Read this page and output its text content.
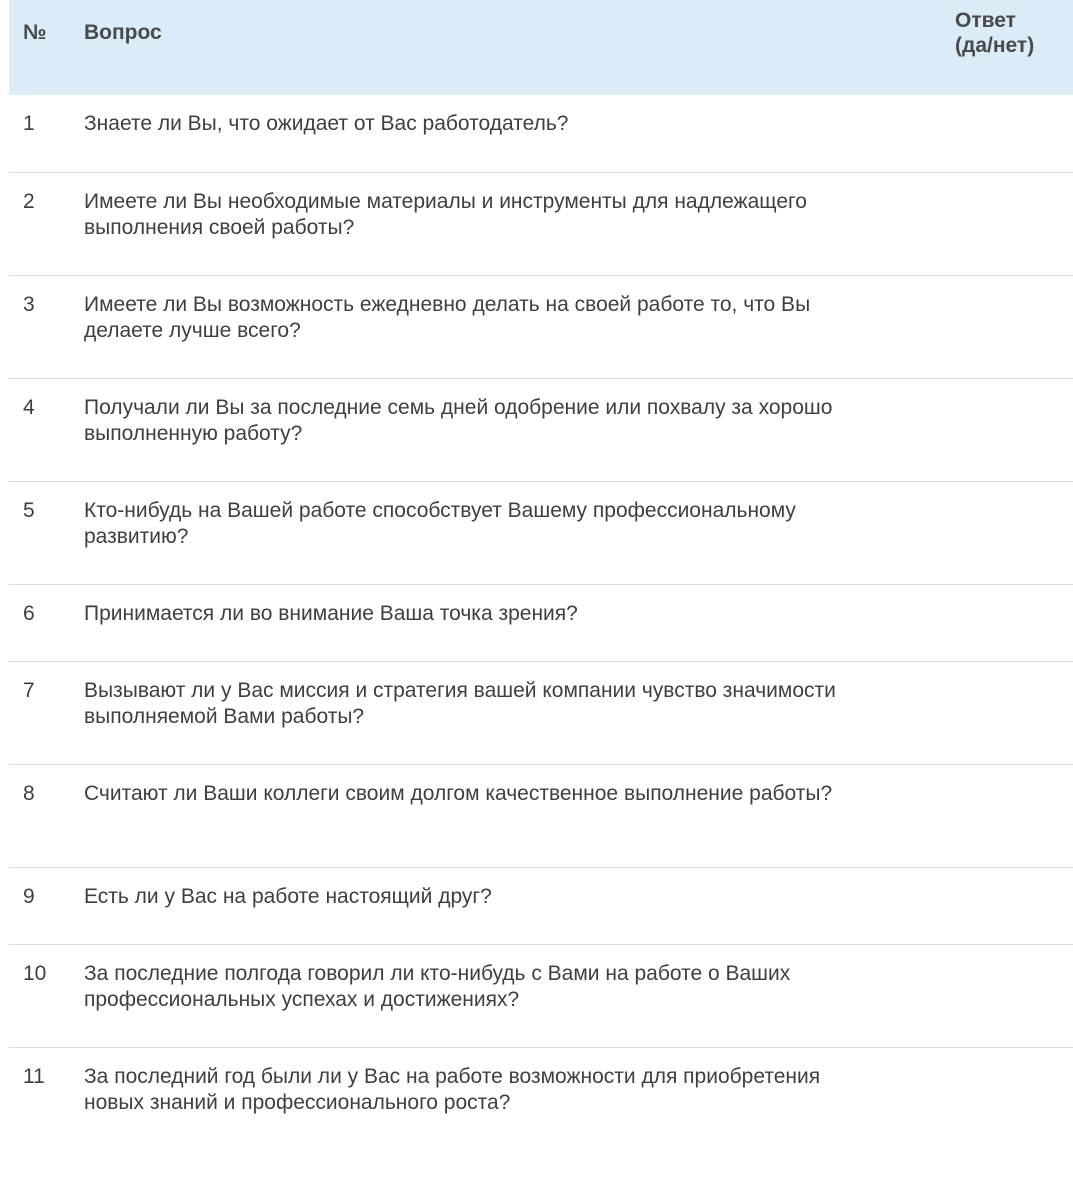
№	Вопрос	Ответ
(да/нет)
1	Знаете ли Вы, что ожидает от Вас работодатель?	
2	Имеете ли Вы необходимые материалы и инструменты для надлежащего выполнения своей работы?	
3	Имеете ли Вы возможность ежедневно делать на своей работе то, что Вы делаете лучше всего?	
4	Получали ли Вы за последние семь дней одобрение или похвалу за хорошо выполненную работу?	
5	Кто-нибудь на Вашей работе способствует Вашему профессиональному развитию?	
6	Принимается ли во внимание Ваша точка зрения?	
7	Вызывают ли у Вас миссия и стратегия вашей компании чувство значимости выполняемой Вами работы?	
8	Считают ли Ваши коллеги своим долгом качественное выполнение работы?	
9	Есть ли у Вас на работе настоящий друг?	
10	За последние полгода говорил ли кто-нибудь с Вами на работе о Ваших профессиональных успехах и достижениях?	
11	За последний год были ли у Вас на работе возможности для приобретения новых знаний и профессионального роста?	
